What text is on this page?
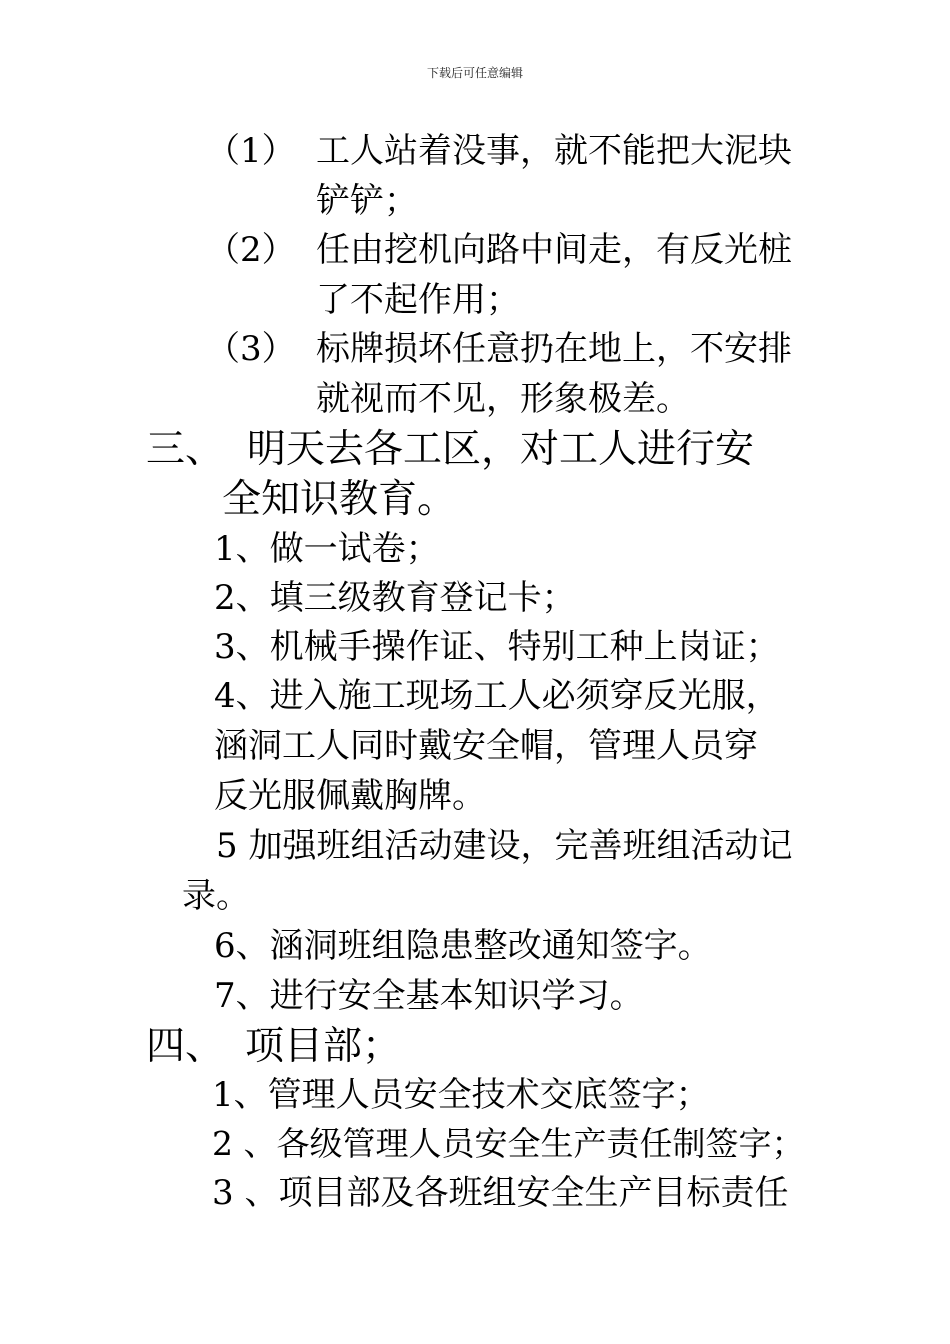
下载后可任意编辑
（1） 工人站着没事，就不能把大泥块
铲铲；
（2） 任由挖机向路中间走，有反光桩
了不起作用；
（3） 标牌损坏任意扔在地上，不安排
就视而不见，形象极差。
三、 明天去各工区，对工人进行安
全知识教育。
1、做一试卷；
2、填三级教育登记卡；
3、机械手操作证、特别工种上岗证；
4、进入施工现场工人必须穿反光服，
涵洞工人同时戴安全帽，管理人员穿
反光服佩戴胸牌。
5 加强班组活动建设，完善班组活动记
录。
6、涵洞班组隐患整改通知签字。
7、进行安全基本知识学习。
四、 项目部；
1、管理人员安全技术交底签字；
2 、各级管理人员安全生产责任制签字；
3 、项目部及各班组安全生产目标责任
